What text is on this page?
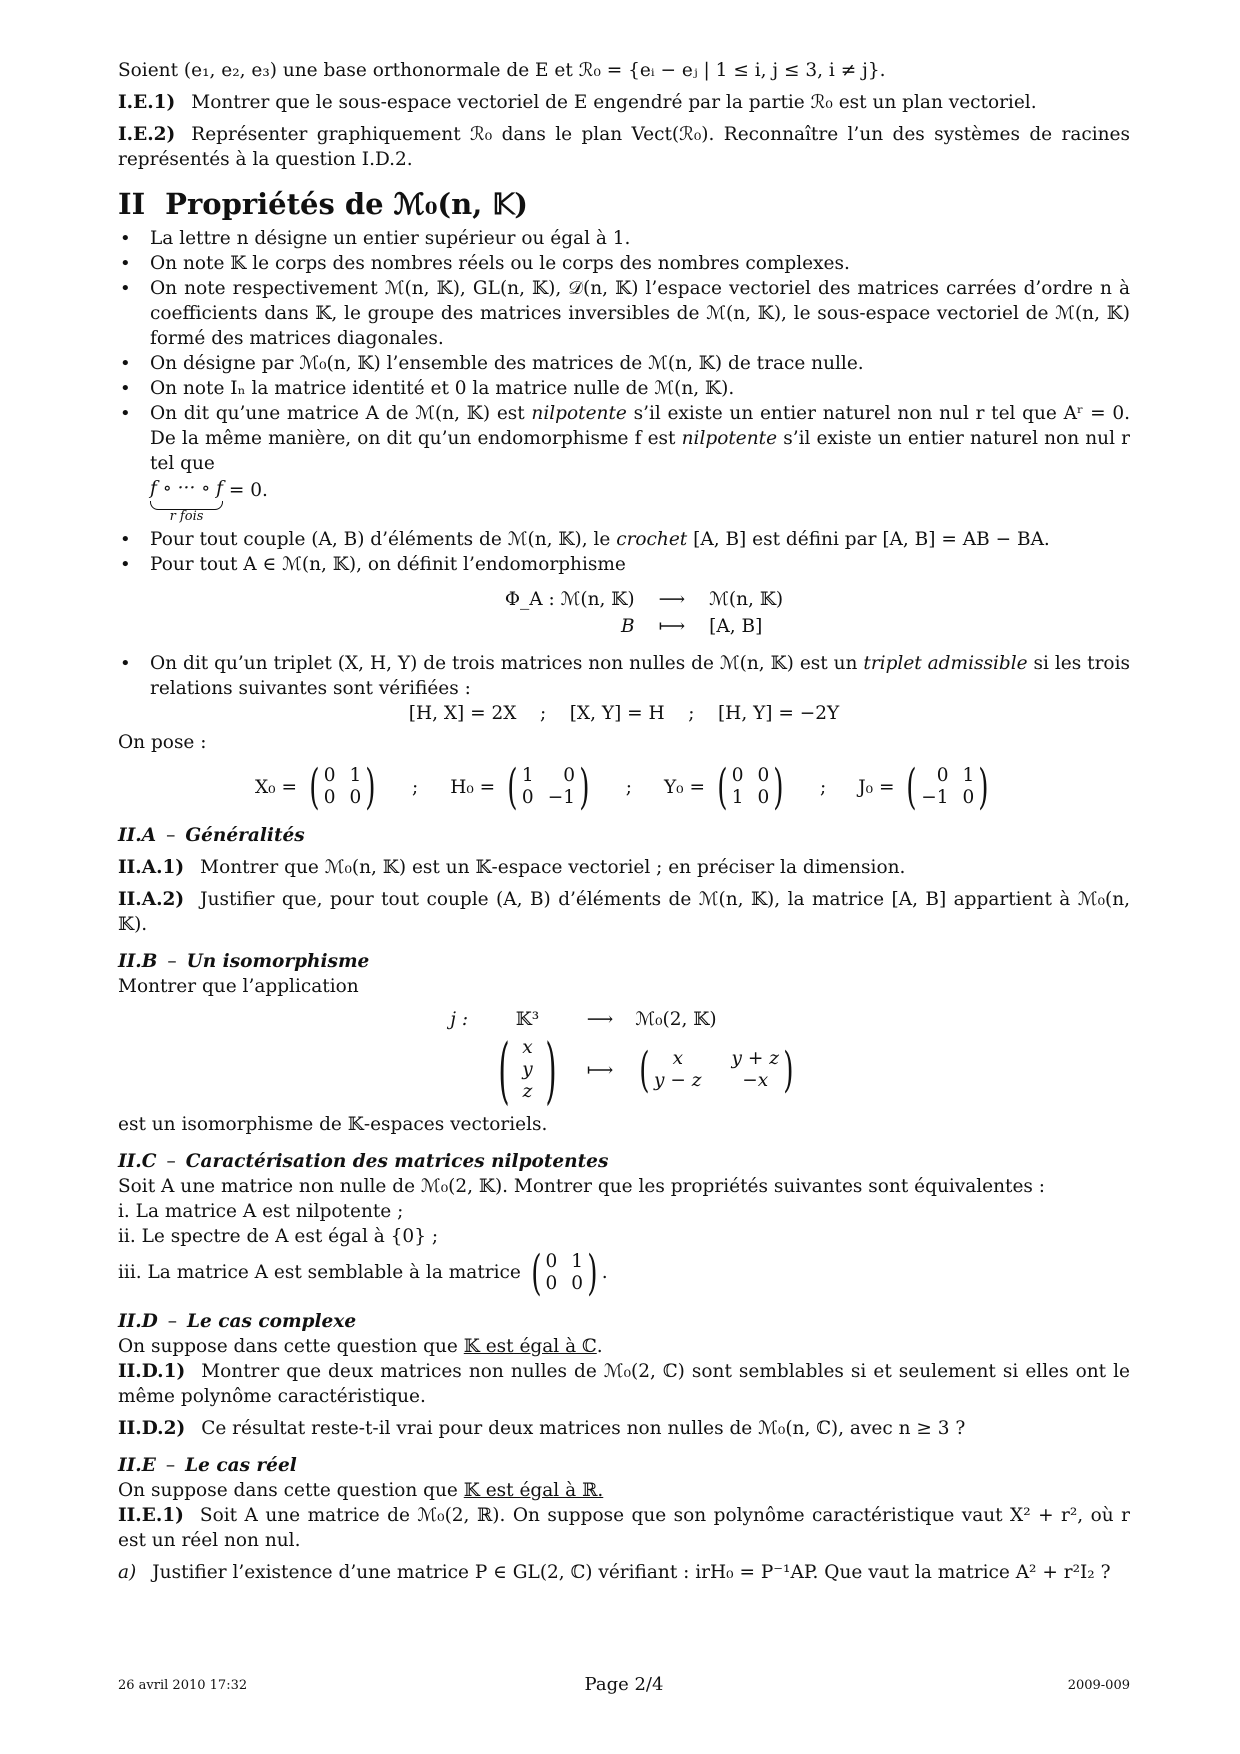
Soient (e₁, e₂, e₃) une base orthonormale de E et ℛ₀ = {eᵢ − eⱼ | 1 ≤ i, j ≤ 3, i ≠ j}.

I.E.1) Montrer que le sous-espace vectoriel de E engendré par la partie ℛ₀ est un plan vectoriel.

I.E.2) Représenter graphiquement ℛ₀ dans le plan Vect(ℛ₀). Reconnaître l’un des systèmes de racines représentés à la question I.D.2.

II Propriétés de ℳ₀(n, 𝕂)
• La lettre n désigne un entier supérieur ou égal à 1.
• On note 𝕂 le corps des nombres réels ou le corps des nombres complexes.
• On note respectivement ℳ(n, 𝕂), GL(n, 𝕂), 𝒟(n, 𝕂) l’espace vectoriel des matrices carrées d’ordre n à coefficients dans 𝕂, le groupe des matrices inversibles de ℳ(n, 𝕂), le sous-espace vectoriel de ℳ(n, 𝕂) formé des matrices diagonales.
• On désigne par ℳ₀(n, 𝕂) l’ensemble des matrices de ℳ(n, 𝕂) de trace nulle.
• On note Iₙ la matrice identité et 0 la matrice nulle de ℳ(n, 𝕂).
• On dit qu’une matrice A de ℳ(n, 𝕂) est nilpotente s’il existe un entier naturel non nul r tel que Aʳ = 0. De la même manière, on dit qu’un endomorphisme f est nilpotente s’il existe un entier naturel non nul r tel que
f ∘ ··· ∘ f
r fois
= 0.
• Pour tout couple (A, B) d’éléments de ℳ(n, 𝕂), le crochet [A, B] est défini par [A, B] = AB − BA.
• Pour tout A ∈ ℳ(n, 𝕂), on définit l’endomorphisme
Φ_A : ℳ(n, 𝕂) ⟶ ℳ(n, 𝕂)
B ⟼ [A, B]
• On dit qu’un triplet (X, H, Y) de trois matrices non nulles de ℳ(n, 𝕂) est un triplet admissible si les trois relations suivantes sont vérifiées :

[H, X] = 2X    ;    [X, Y] = H    ;    [H, Y] = −2Y

On pose :

X₀ = ( 0 1
0 0 ) ; H₀ = ( 1	0
0 −1 ) ; Y₀ = ( 0 0
1 0 ) ; J₀ = (	0 1
−1 0 )

II.A – Généralités

II.A.1) Montrer que ℳ₀(n, 𝕂) est un 𝕂-espace vectoriel ; en préciser la dimension.

II.A.2) Justifier que, pour tout couple (A, B) d’éléments de ℳ(n, 𝕂), la matrice [A, B] appartient à ℳ₀(n, 𝕂).

II.B – Un isomorphisme

Montrer que l’application

j :	𝕂³	⟶ ℳ₀(2, 𝕂)
( x
y
z ) ⟼ (	x	y + z
y − z	−x )

est un isomorphisme de 𝕂-espaces vectoriels.

II.C – Caractérisation des matrices nilpotentes

Soit A une matrice non nulle de ℳ₀(2, 𝕂). Montrer que les propriétés suivantes sont équivalentes :

i. La matrice A est nilpotente ;

ii. Le spectre de A est égal à {0} ;

iii. La matrice A est semblable à la matrice ( 0 1
0 0 ) .

II.D – Le cas complexe

On suppose dans cette question que 𝕂 est égal à ℂ.

II.D.1) Montrer que deux matrices non nulles de ℳ₀(2, ℂ) sont semblables si et seulement si elles ont le même polynôme caractéristique.

II.D.2) Ce résultat reste-t-il vrai pour deux matrices non nulles de ℳ₀(n, ℂ), avec n ≥ 3 ?

II.E – Le cas réel

On suppose dans cette question que 𝕂 est égal à ℝ.

II.E.1) Soit A une matrice de ℳ₀(2, ℝ). On suppose que son polynôme caractéristique vaut X² + r², où r est un réel non nul.

a) Justifier l’existence d’une matrice P ∈ GL(2, ℂ) vérifiant : irH₀ = P⁻¹AP. Que vaut la matrice A² + r²I₂ ?

26 avril 2010 17:32	Page 2/4	2009-009
